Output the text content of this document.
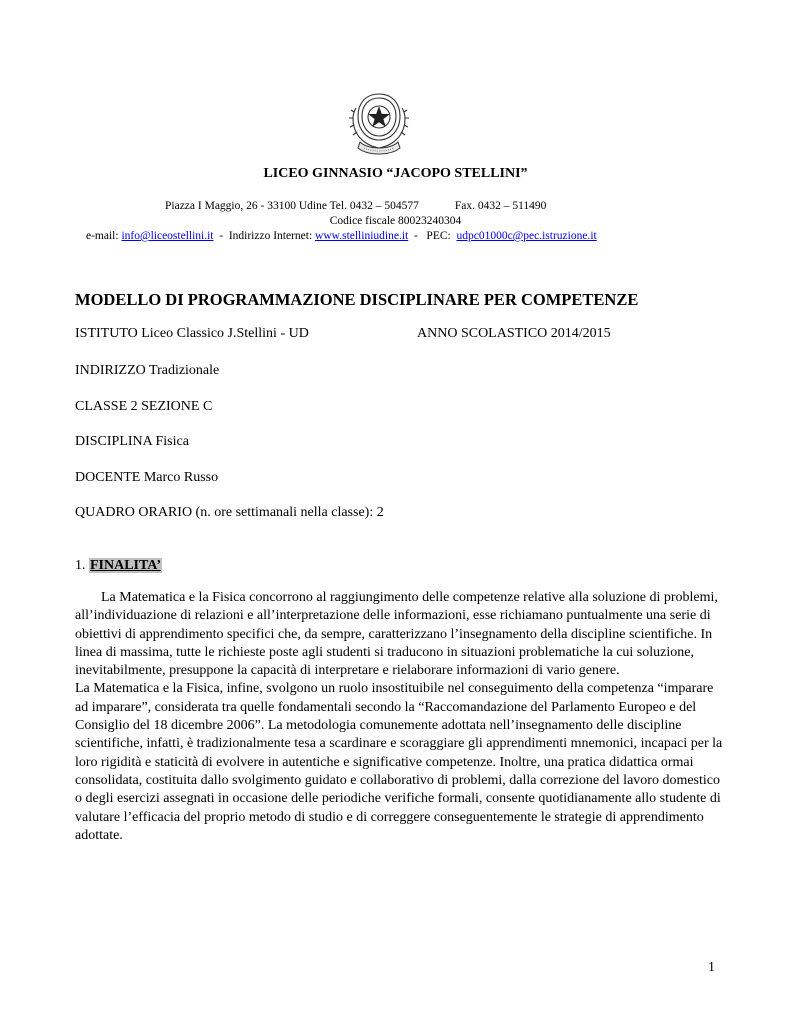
LICEO GINNASIO “JACOPO STELLINI”
Piazza I Maggio, 26 - 33100 Udine Tel. 0432 – 504577	Fax. 0432 – 511490
Codice fiscale 80023240304
e-mail: info@liceostellini.it  -  Indirizzo Internet: www.stelliniudine.it  -   PEC:  udpc01000c@pec.istruzione.it
MODELLO DI PROGRAMMAZIONE DISCIPLINARE PER COMPETENZE
ISTITUTO Liceo Classico J.Stellini - UD	ANNO SCOLASTICO 2014/2015
INDIRIZZO Tradizionale
CLASSE 2 SEZIONE C
DISCIPLINA Fisica
DOCENTE Marco Russo
QUADRO ORARIO (n. ore settimanali nella classe): 2
1. FINALITA’

La Matematica e la Fisica concorrono al raggiungimento delle competenze relative alla soluzione di problemi, all’individuazione di relazioni e all’interpretazione delle informazioni, esse richiamano puntualmente una serie di obiettivi di apprendimento specifici che, da sempre, caratterizzano l’insegnamento della discipline scientifiche. In linea di massima, tutte le richieste poste agli studenti si traducono in situazioni problematiche la cui soluzione, inevitabilmente, presuppone la capacità di interpretare e rielaborare informazioni di vario genere.

La Matematica e la Fisica, infine, svolgono un ruolo insostituibile nel conseguimento della competenza “imparare ad imparare”, considerata tra quelle fondamentali secondo la “Raccomandazione del Parlamento Europeo e del Consiglio del 18 dicembre 2006”. La metodologia comunemente adottata nell’insegnamento delle discipline scientifiche, infatti, è tradizionalmente tesa a scardinare e scoraggiare gli apprendimenti mnemonici, incapaci per la loro rigidità e staticità di evolvere in autentiche e significative competenze. Inoltre, una pratica didattica ormai consolidata, costituita dallo svolgimento guidato e collaborativo di problemi, dalla correzione del lavoro domestico o degli esercizi assegnati in occasione delle periodiche verifiche formali, consente quotidianamente allo studente di valutare l’efficacia del proprio metodo di studio e di correggere conseguentemente le strategie di apprendimento adottate.

1
